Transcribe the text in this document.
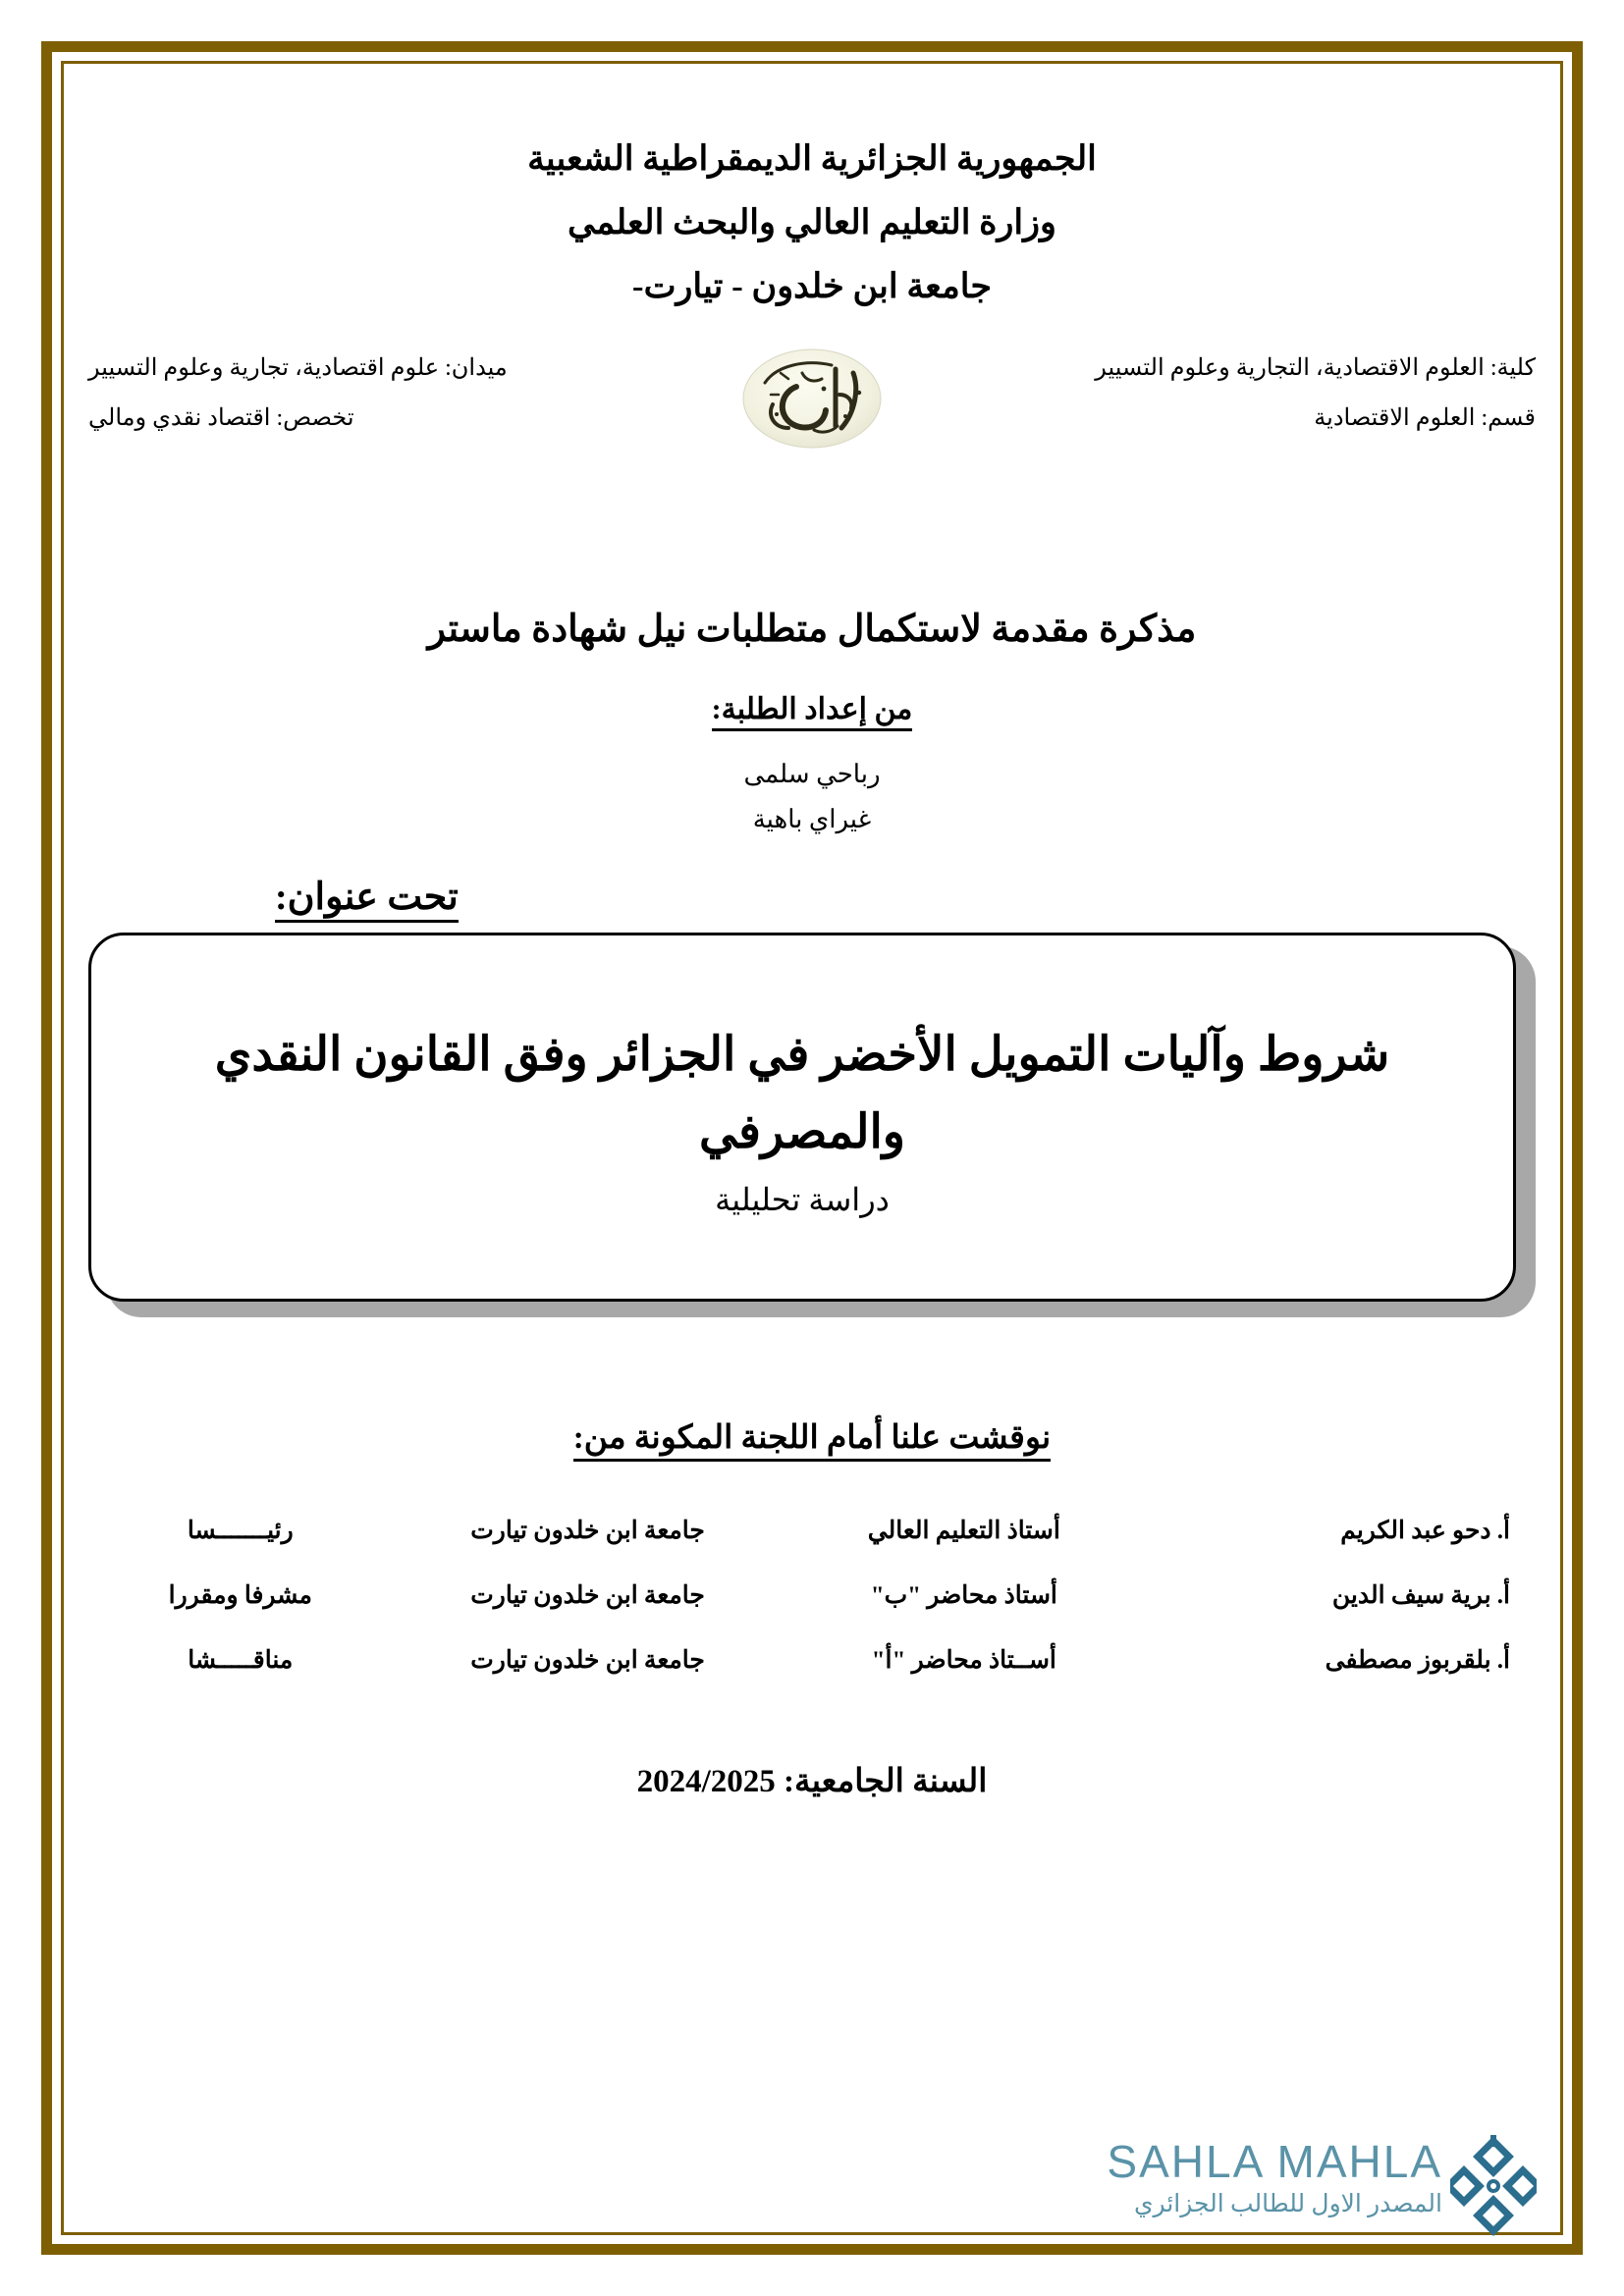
الجمهورية الجزائرية الديمقراطية الشعبية
وزارة التعليم العالي والبحث العلمي
جامعة ابن خلدون - تيارت-
كلية: العلوم الاقتصادية، التجارية وعلوم التسيير
قسم: العلوم الاقتصادية
ميدان: علوم اقتصادية، تجارية وعلوم التسيير
تخصص: اقتصاد نقدي ومالي
مذكرة مقدمة لاستكمال متطلبات نيل شهادة ماستر
من إعداد الطلبة:
رباحي سلمى
غيراي باهية
تحت عنوان:
شروط وآليات التمويل الأخضر في الجزائر وفق القانون النقدي والمصرفي
دراسة تحليلية
نوقشت علنا أمام اللجنة المكونة من:
أ. دحو عبد الكريم	أستاذ التعليم العالي	جامعة ابن خلدون تيارت	رئيـــــــسا
أ. برية سيف الدين	أستاذ محاضر "ب"	جامعة ابن خلدون تيارت	مشرفا ومقررا
أ. بلقربوز مصطفى	أســتاذ محاضر "أ"	جامعة ابن خلدون تيارت	مناقـــــشا
السنة الجامعية: 2024/2025
SAHLA MAHLA
المصدر الاول للطالب الجزائري
